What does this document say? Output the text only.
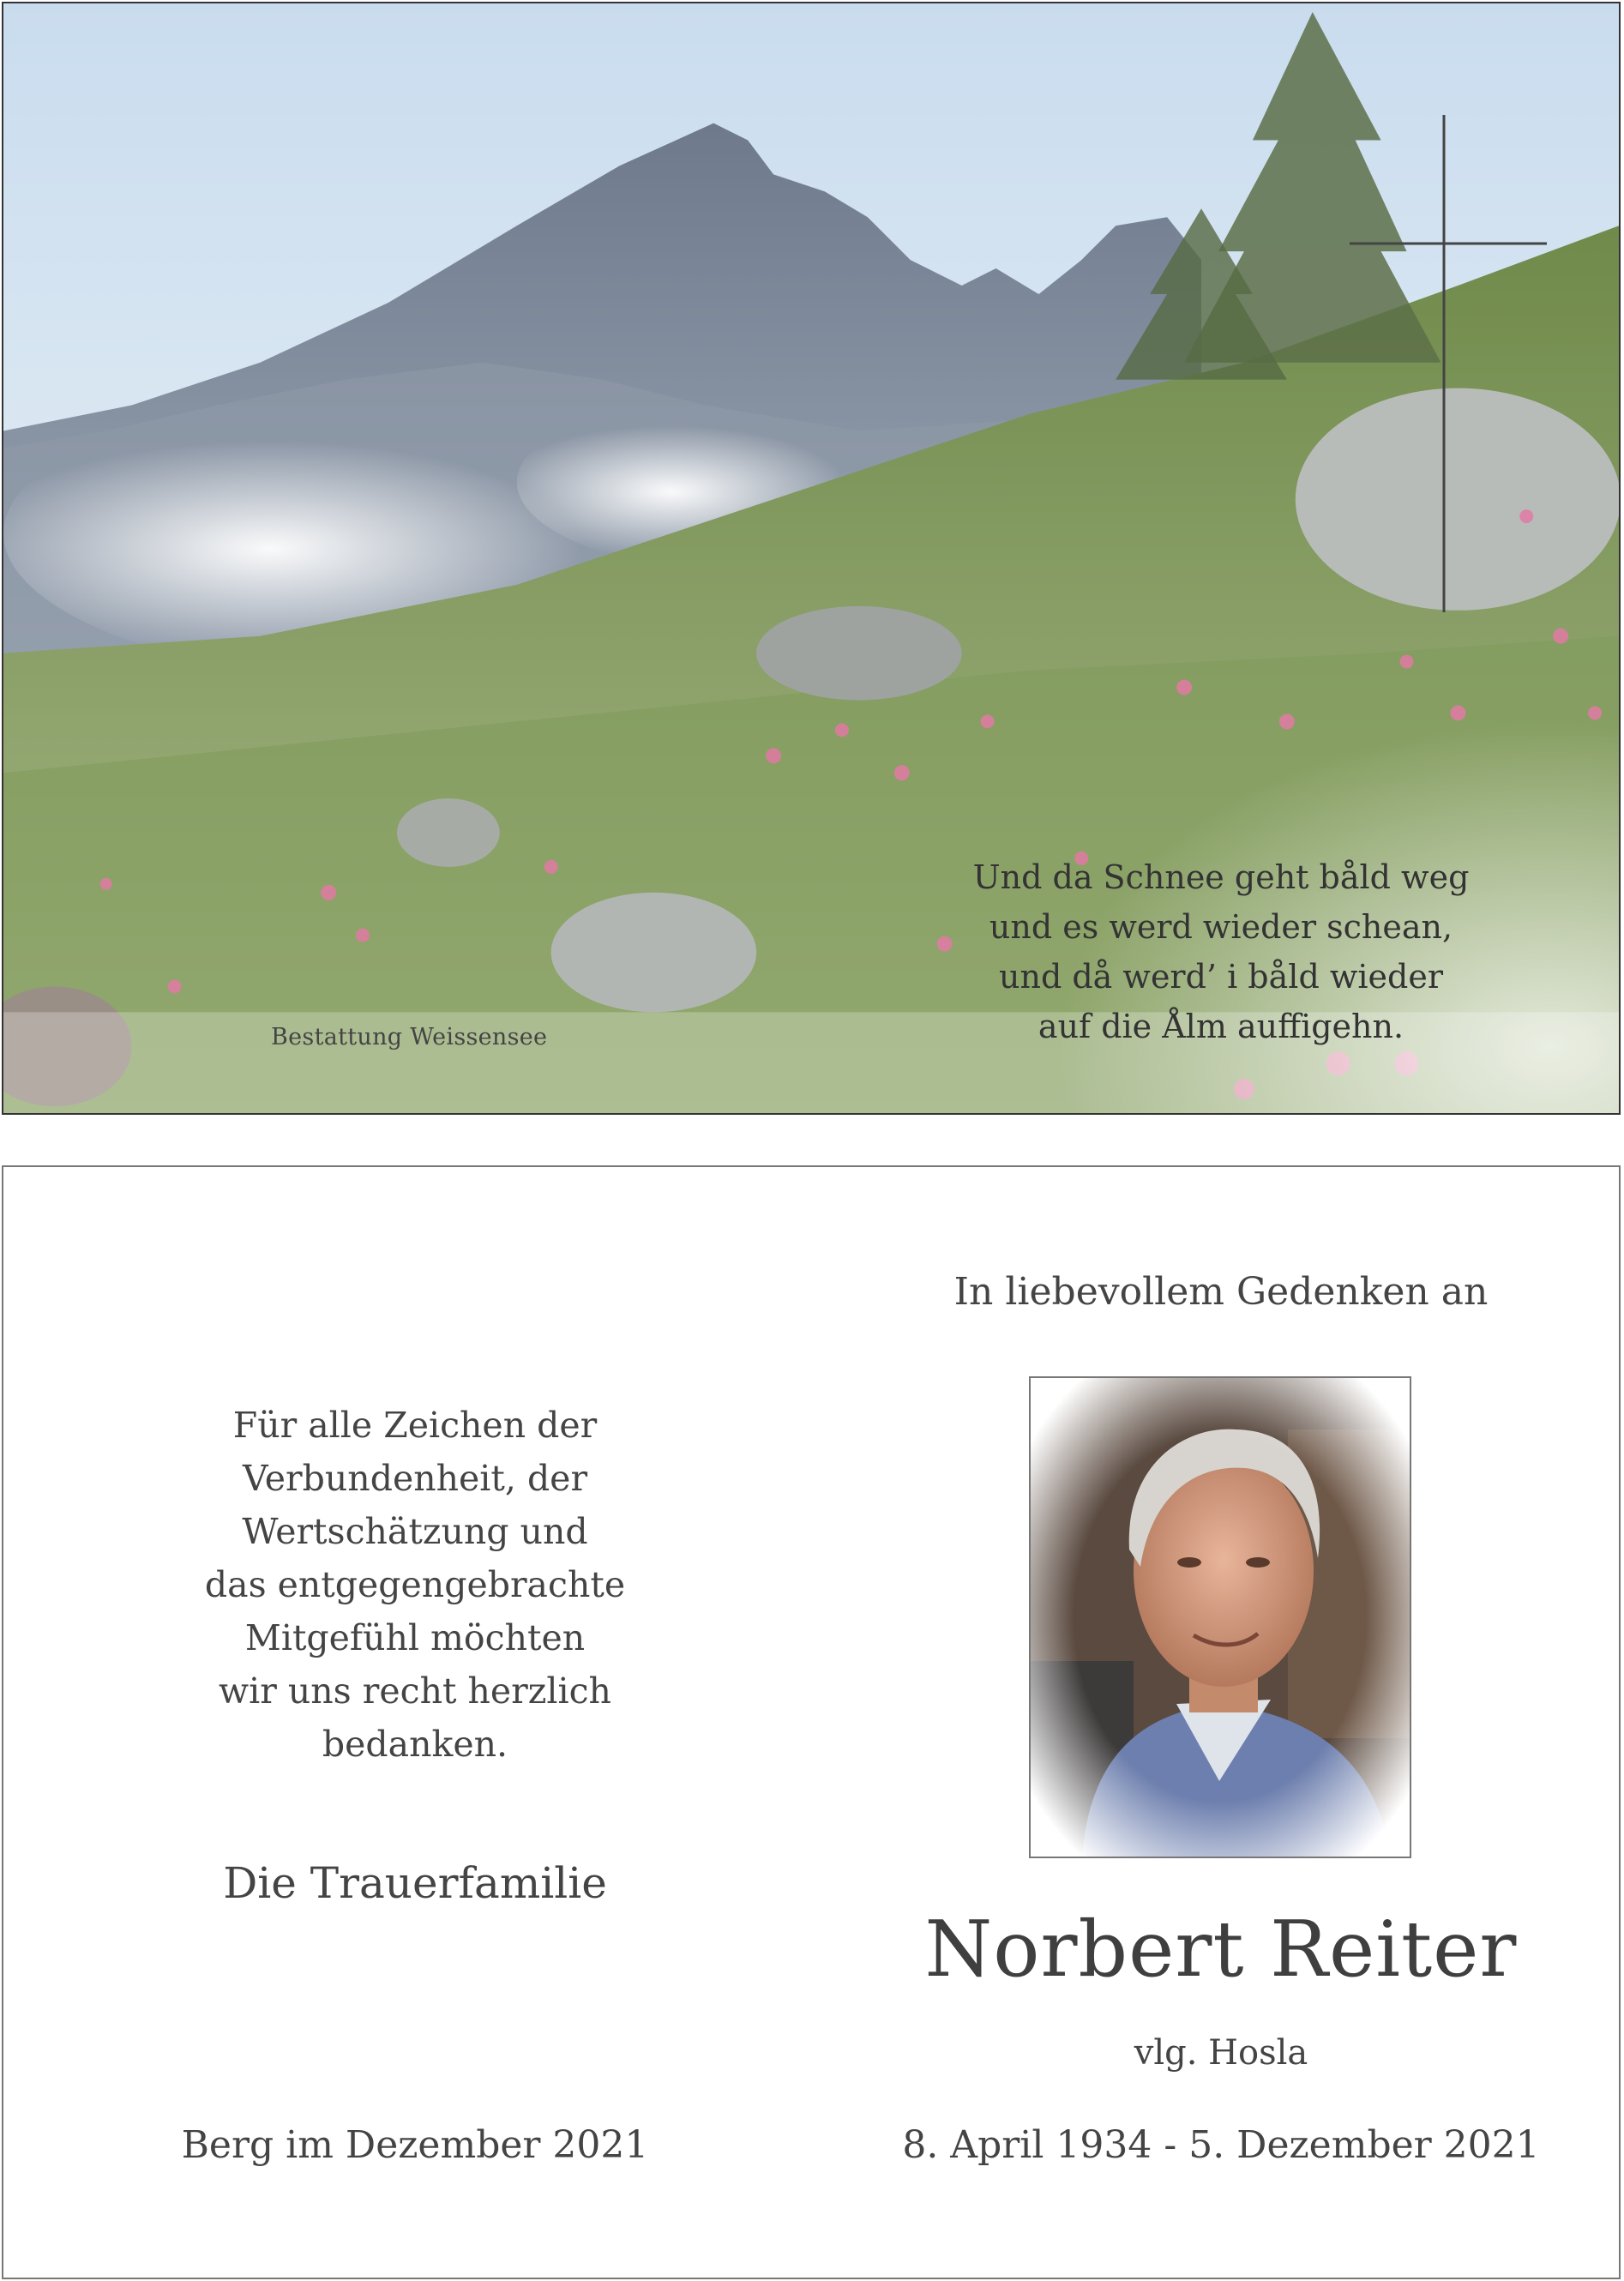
Und da Schnee geht båld weg
und es werd wieder schean,
und då werd’ i båld wieder
auf die Ålm auffigehn.
Bestattung Weissensee
Für alle Zeichen der
Verbundenheit, der
Wertschätzung und
das entgegengebrachte
Mitgefühl möchten
wir uns recht herzlich
bedanken.
Die Trauerfamilie
Berg im Dezember 2021
In liebevollem Gedenken an
Norbert Reiter
vlg. Hosla
8. April 1934 - 5. Dezember 2021
